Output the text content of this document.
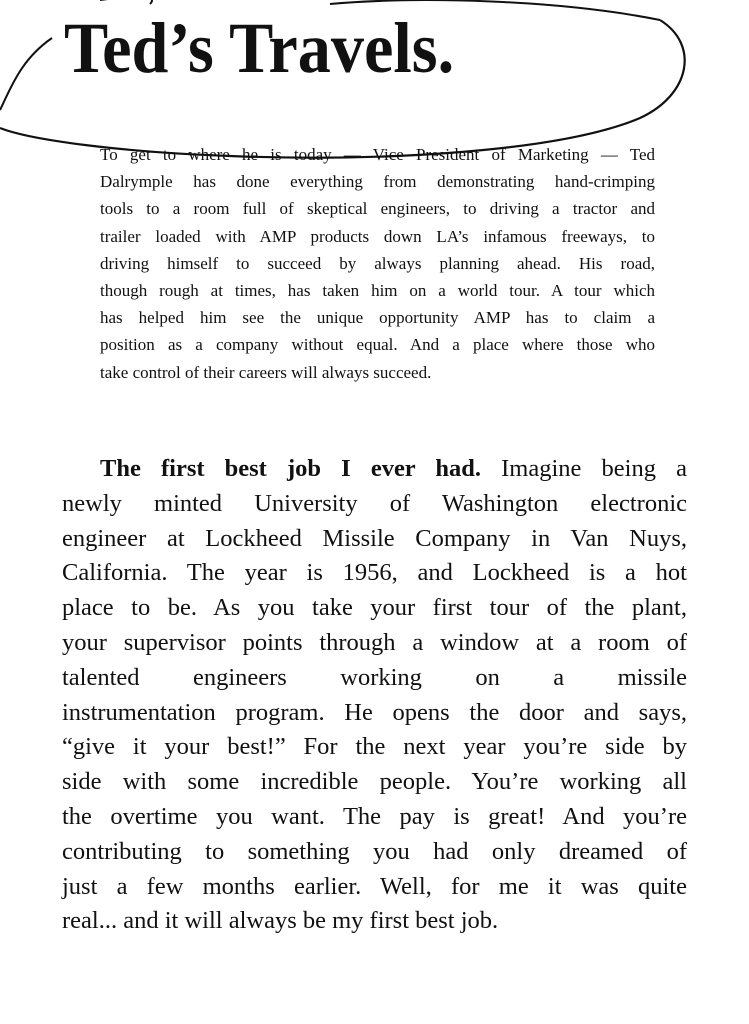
Ted’s Travels.

To get to where he is today — Vice President of Marketing — Ted
Dalrymple has done everything from demonstrating hand-crimping
tools to a room full of skeptical engineers, to driving a tractor and
trailer loaded with AMP products down LA’s infamous freeways, to
driving himself to succeed by always planning ahead. His road,
though rough at times, has taken him on a world tour. A tour which
has helped him see the unique opportunity AMP has to claim a
position as a company without equal. And a place where those who
take control of their careers will always succeed.

The first best job I ever had. Imagine being a
newly minted University of Washington electronic
engineer at Lockheed Missile Company in Van Nuys,
California. The year is 1956, and Lockheed is a hot
place to be. As you take your first tour of the plant,
your supervisor points through a window at a room of
talented engineers working on a missile
instrumentation program. He opens the door and says,
“give it your best!” For the next year you’re side by
side with some incredible people. You’re working all
the overtime you want. The pay is great! And you’re
contributing to something you had only dreamed of
just a few months earlier. Well, for me it was quite
real... and it will always be my first best job.
